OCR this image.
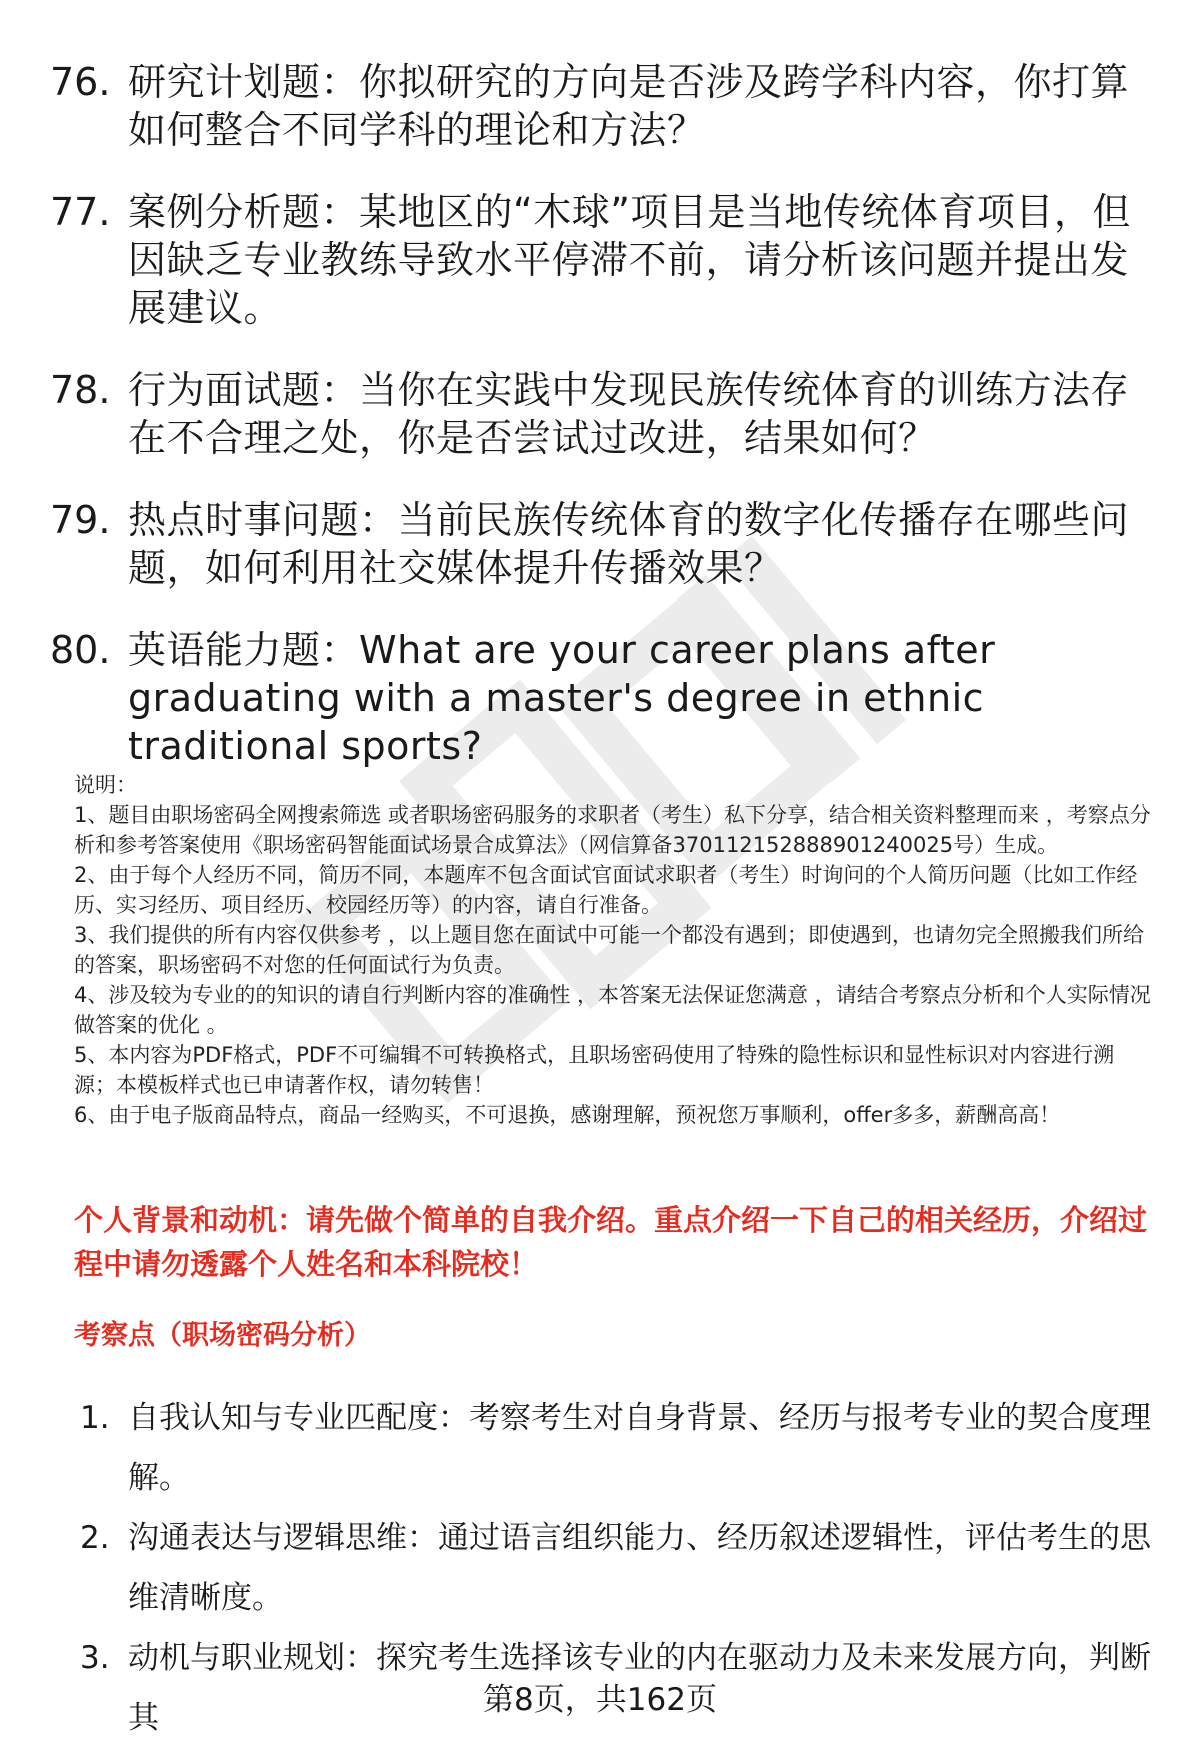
76. 研究计划题：你拟研究的方向是否涉及跨学科内容，你打算如何整合不同学科的理论和方法？
77. 案例分析题：某地区的“木球”项目是当地传统体育项目，但因缺乏专业教练导致水平停滞不前，请分析该问题并提出发展建议。
78. 行为面试题：当你在实践中发现民族传统体育的训练方法存在不合理之处，你是否尝试过改进，结果如何？
79. 热点时事问题：当前民族传统体育的数字化传播存在哪些问题，如何利用社交媒体提升传播效果？
80. 英语能力题：What are your career plans after graduating with a master's degree in ethnic traditional sports?

说明：

1、题目由职场密码全网搜索筛选 或者职场密码服务的求职者（考生）私下分享，结合相关资料整理而来 ，考察点分析和参考答案使用《职场密码智能面试场景合成算法》（网信算备370112152888901240025号）生成。

2、由于每个人经历不同，简历不同，本题库不包含面试官面试求职者（考生）时询问的个人简历问题（比如工作经历、实习经历、项目经历、校园经历等）的内容，请自行准备。

3、我们提供的所有内容仅供参考 ，以上题目您在面试中可能一个都没有遇到；即使遇到，也请勿完全照搬我们所给的答案，职场密码不对您的任何面试行为负责。

4、涉及较为专业的的知识的请自行判断内容的准确性 ，本答案无法保证您满意 ，请结合考察点分析和个人实际情况做答案的优化 。

5、本内容为PDF格式，PDF不可编辑不可转换格式，且职场密码使用了特殊的隐性标识和显性标识对内容进行溯源；本模板样式也已申请著作权，请勿转售！

6、由于电子版商品特点，商品一经购买，不可退换，感谢理解，预祝您万事顺利，offer多多，薪酬高高！

个人背景和动机：请先做个简单的自我介绍。重点介绍一下自己的相关经历，介绍过程中请勿透露个人姓名和本科院校！
考察点（职场密码分析）
1. 自我认知与专业匹配度：考察考生对自身背景、经历与报考专业的契合度理解。
2. 沟通表达与逻辑思维：通过语言组织能力、经历叙述逻辑性，评估考生的思维清晰度。
3. 动机与职业规划：探究考生选择该专业的内在驱动力及未来发展方向，判断其	第8页，共162页
